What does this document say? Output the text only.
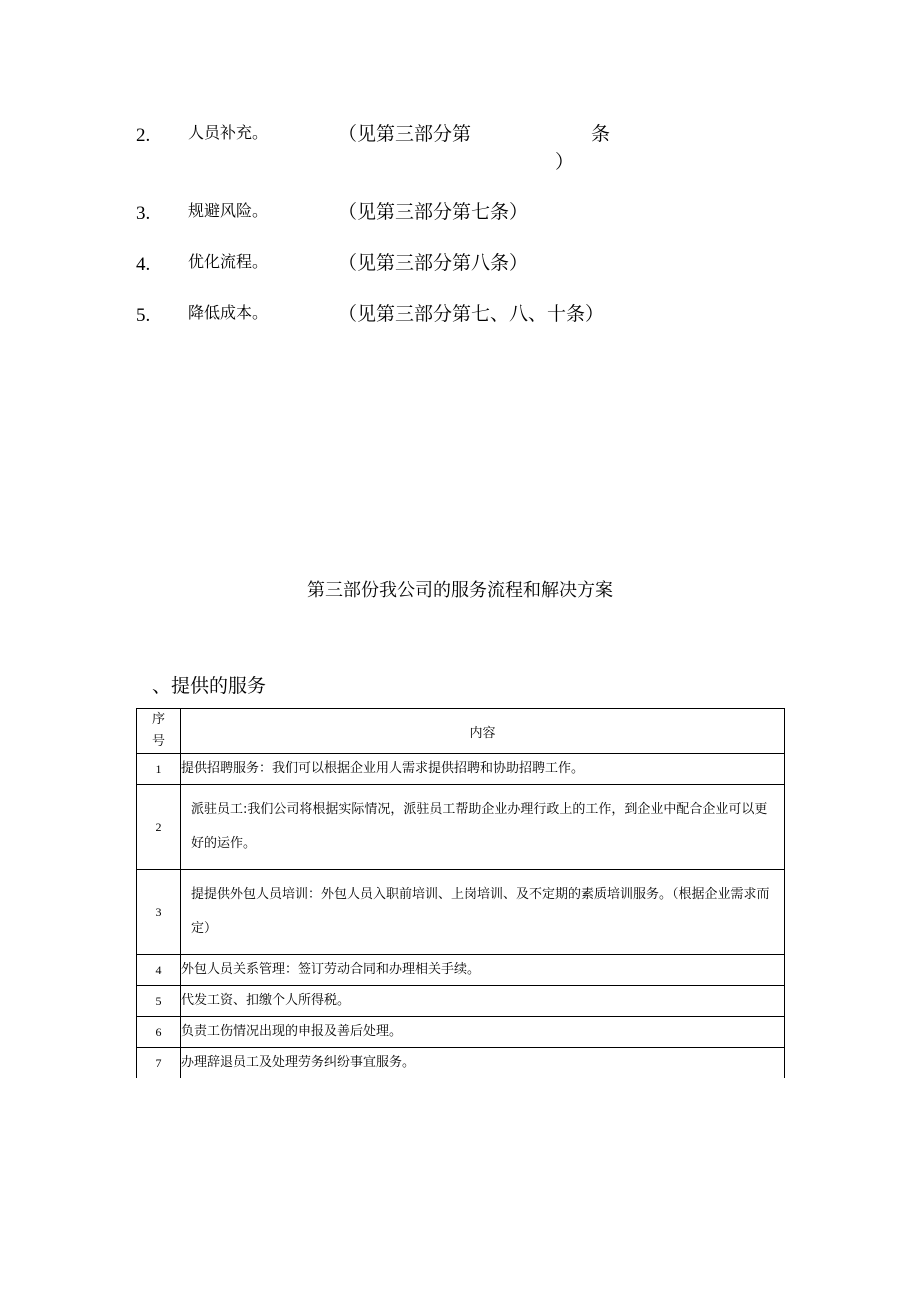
2.	人员补充。	（见第三部分第	条
）
3.	规避风险。	（见第三部分第七条）
4.	优化流程。	（见第三部分第八条）
5.	降低成本。	（见第三部分第七、八、十条）
第三部份我公司的服务流程和解决方案
、提供的服务
序
号	内容
1	提供招聘服务：我们可以根据企业用人需求提供招聘和协助招聘工作。
2	派驻员工:我们公司将根据实际情况，派驻员工帮助企业办理行政上的工作，到企业中配合企业可以更好的运作。
3	提提供外包人员培训：外包人员入职前培训、上岗培训、及不定期的素质培训服务。（根据企业需求而定）
4	外包人员关系管理：签订劳动合同和办理相关手续。
5	代发工资、扣缴个人所得税。
6	负责工伤情况出现的申报及善后处理。
7	办理辞退员工及处理劳务纠纷事宜服务。
